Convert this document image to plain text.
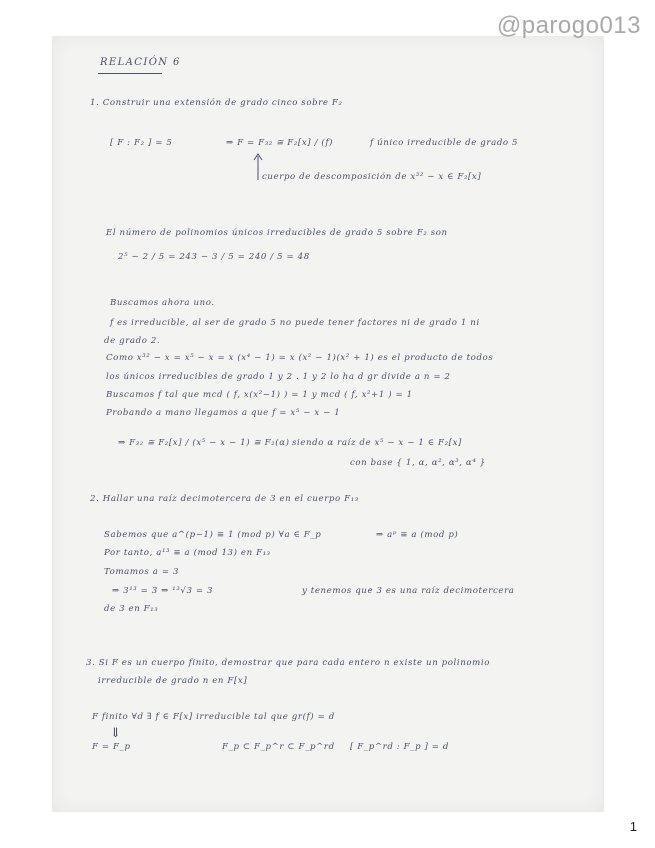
@parogo013
1
RELACIÓN 6
1. Construir una extensión de grado cinco sobre F₂
[ F : F₂ ] = 5	⇒ F = F₃₂ ≅ F₂[x] / (f)	f único irreducible de grado 5
cuerpo de descomposición de x³² − x ∈ F₂[x]
El número de polinomios únicos irreducibles de grado 5 sobre F₂ son
2⁵ − 2 / 5 = 243 − 3 / 5 = 240 / 5 = 48
Buscamos ahora uno.
f es irreducible, al ser de grado 5 no puede tener factores ni de grado 1 ni
de grado 2.
Como x³² − x = x⁵ − x = x (x⁴ − 1) = x (x² − 1)(x² + 1) es el producto de todos
los únicos irreducibles de grado 1 y 2 . 1 y 2 lo ha d gr divide a n = 2
Buscamos f tal que mcd ( f, x(x²−1) ) = 1 y mcd ( f, x²+1 ) = 1
Probando a mano llegamos a que f = x⁵ − x − 1
⇒ F₃₂ ≅ F₂[x] / (x⁵ − x − 1) ≅ F₂(α) siendo α raíz de x⁵ − x − 1 ∈ F₂[x]
con base { 1, α, α², α³, α⁴ }
2. Hallar una raíz decimotercera de 3 en el cuerpo F₁₃
Sabemos que a^(p−1) ≡ 1 (mod p) ∀a ∈ F_p	⇒ aᵖ ≡ a (mod p)
Por tanto, a¹³ ≡ a (mod 13) en F₁₃
Tomamos a = 3
⇒ 3¹³ = 3 ⇒ ¹³√3 = 3	y tenemos que 3 es una raíz decimotercera
de 3 en F₁₃
3. Si F es un cuerpo finito, demostrar que para cada entero n existe un polinomio
irreducible de grado n en F[x]
F finito ∀d ∃ f ∈ F[x] irreducible tal que gr(f) = d
⇓
F = F_p	F_p ⊂ F_p^r ⊂ F_p^rd [ F_p^rd : F_p ] = d
